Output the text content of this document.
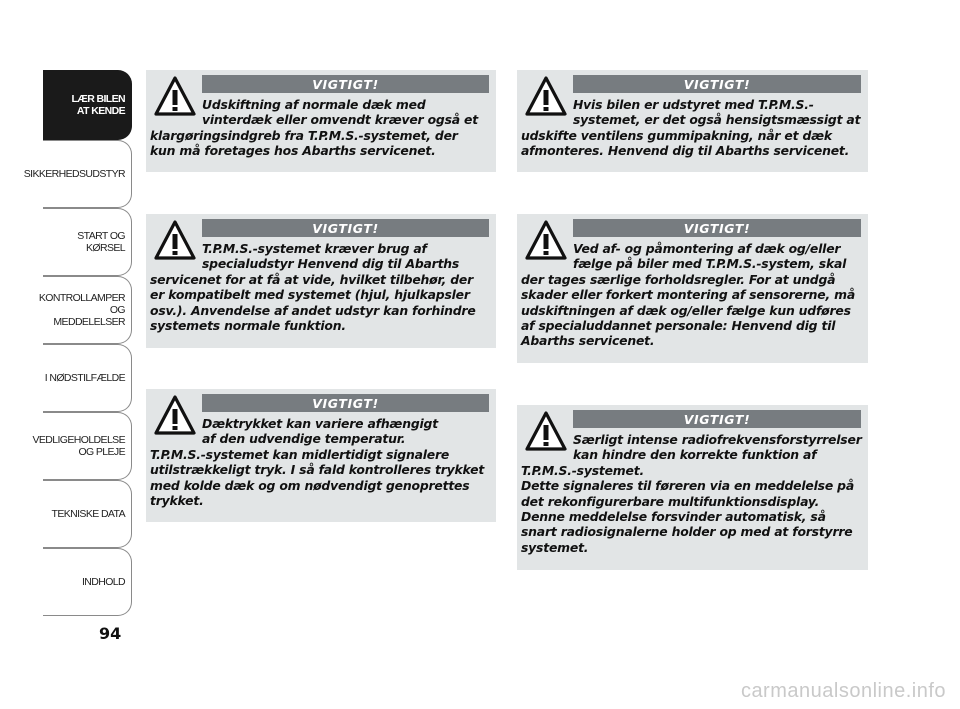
LÆR BILEN
AT KENDE
SIKKERHEDSUDSTYR
START OG KØRSEL
KONTROLLAMPER
OG MEDDELELSER
I NØDSTILFÆLDE
VEDLIGEHOLDELSE
OG PLEJE
TEKNISKE DATA
INDHOLD
94
VIGTIGT!

Udskiftning af normale dæk med

vinterdæk eller omvendt kræver også et

klargøringsindgreb fra T.P.M.S.-systemet, der

kun må foretages hos Abarths servicenet.

VIGTIGT!

T.P.M.S.-systemet kræver brug af

specialudstyr Henvend dig til Abarths

servicenet for at få at vide, hvilket tilbehør, der

er kompatibelt med systemet (hjul, hjulkapsler

osv.). Anvendelse af andet udstyr kan forhindre

systemets normale funktion.

VIGTIGT!

Dæktrykket kan variere afhængigt

af den udvendige temperatur.

T.P.M.S.-systemet kan midlertidigt signalere

utilstrækkeligt tryk. I så fald kontrolleres trykket

med kolde dæk og om nødvendigt genoprettes

trykket.

VIGTIGT!

Hvis bilen er udstyret med T.P.M.S.-

systemet, er det også hensigtsmæssigt at

udskifte ventilens gummipakning, når et dæk

afmonteres. Henvend dig til Abarths servicenet.

VIGTIGT!

Ved af- og påmontering af dæk og/eller

fælge på biler med T.P.M.S.-system, skal

der tages særlige forholdsregler. For at undgå

skader eller forkert montering af sensorerne, må

udskiftningen af dæk og/eller fælge kun udføres

af specialuddannet personale: Henvend dig til

Abarths servicenet.

VIGTIGT!

Særligt intense radiofrekvensforstyrrelser

kan hindre den korrekte funktion af

T.P.M.S.-systemet.

Dette signaleres til føreren via en meddelelse på

det rekonfigurerbare multifunktionsdisplay.

Denne meddelelse forsvinder automatisk, så

snart radiosignalerne holder op med at forstyrre

systemet.

carmanualsonline.info
